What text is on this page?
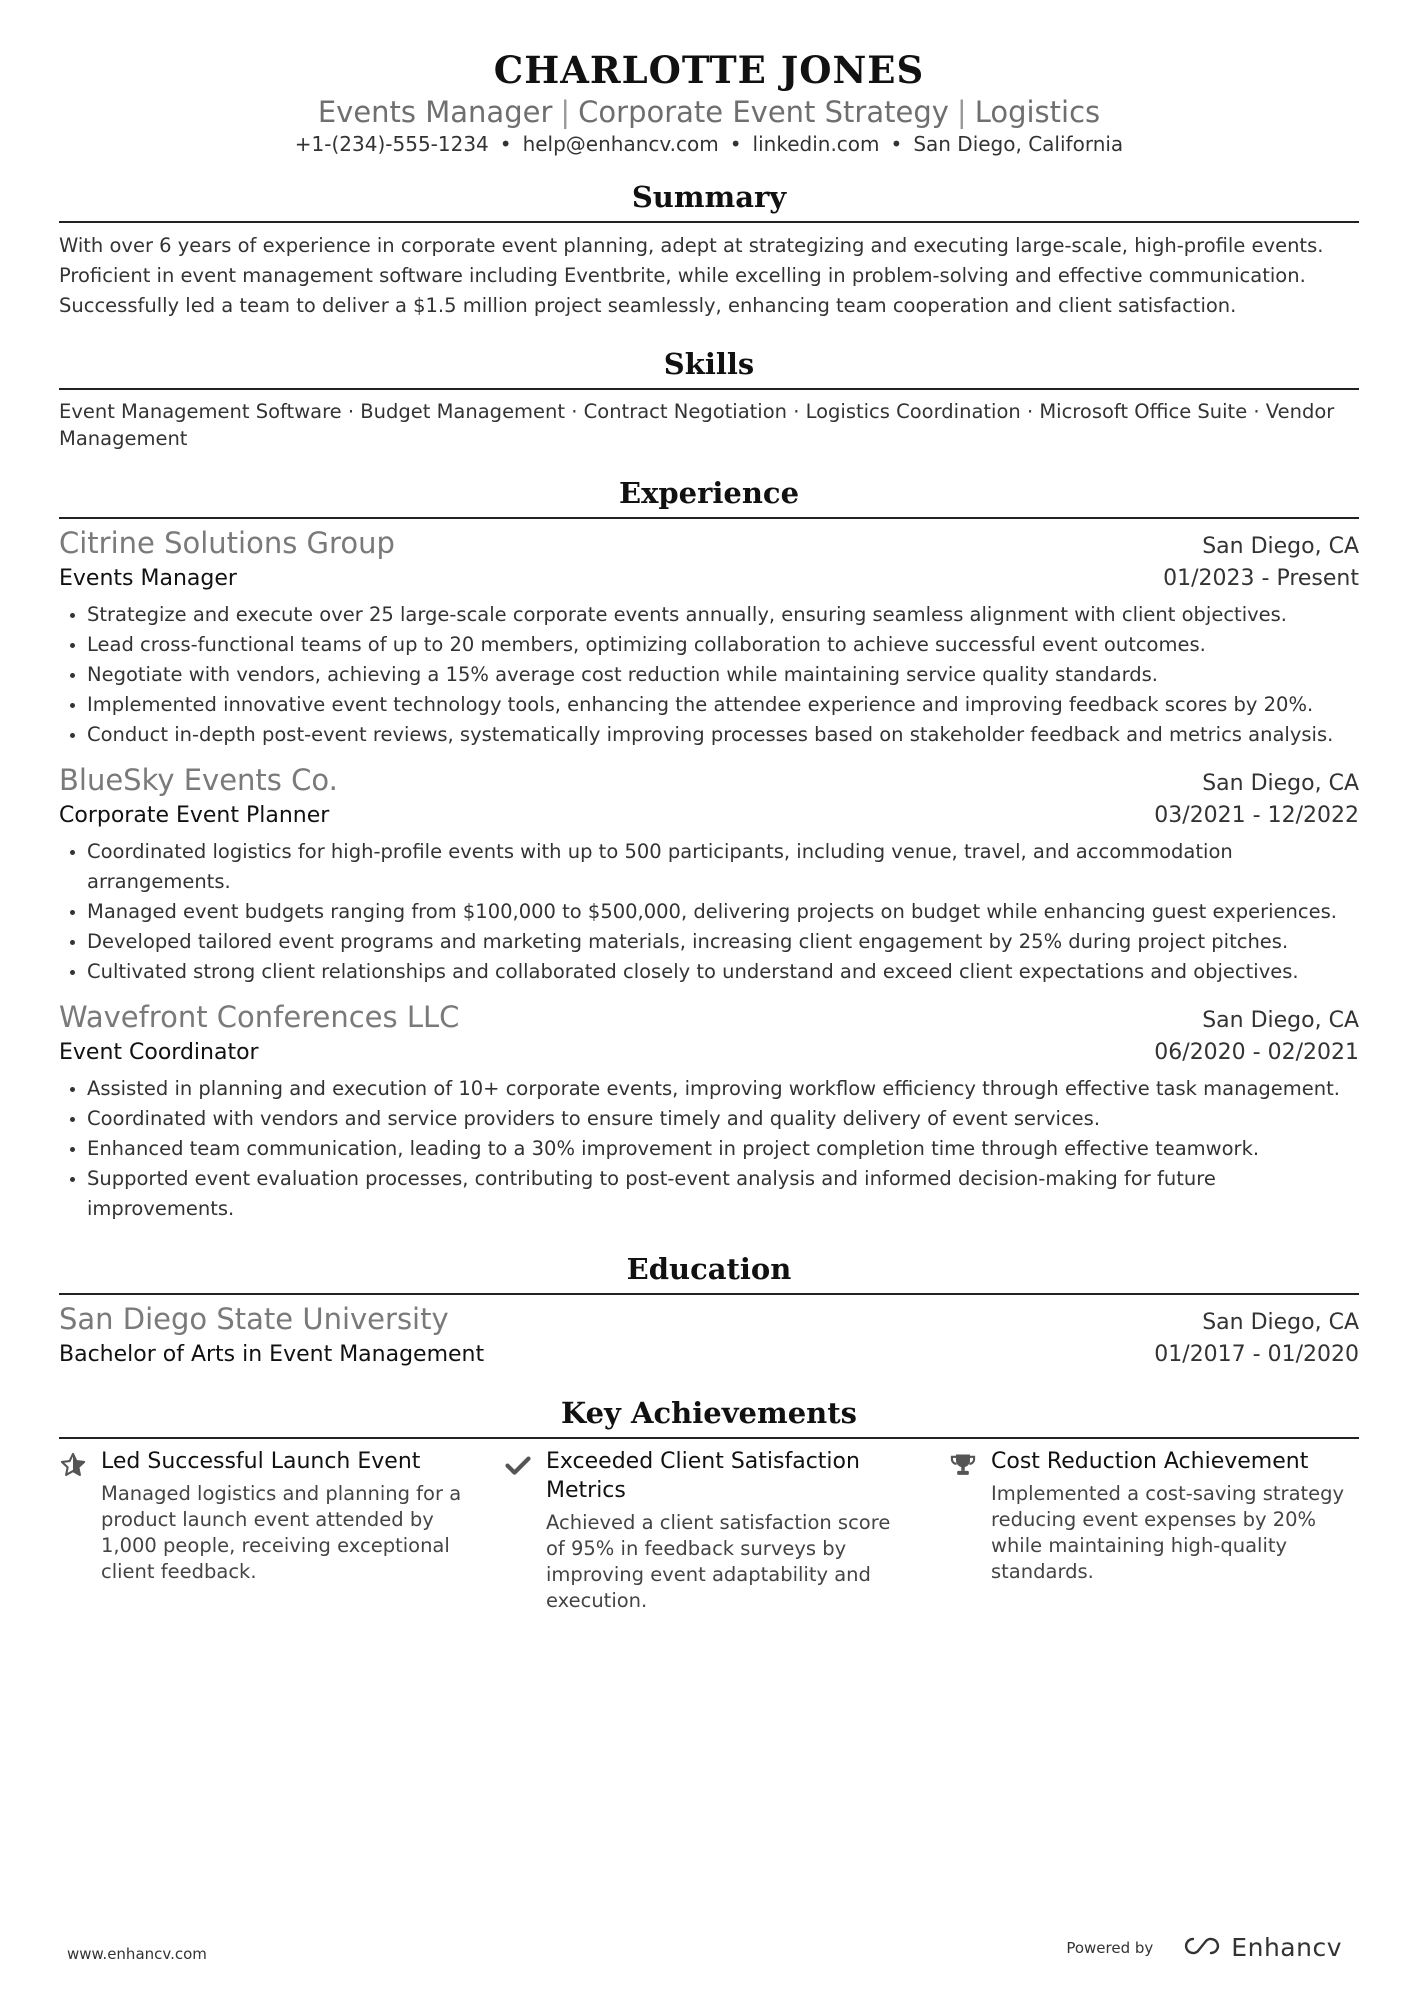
CHARLOTTE JONES
Events Manager | Corporate Event Strategy | Logistics
+1-(234)-555-1234 • help@enhancv.com • linkedin.com • San Diego, California
Summary
With over 6 years of experience in corporate event planning, adept at strategizing and executing large-scale, high-profile events. Proficient in event management software including Eventbrite, while excelling in problem-solving and effective communication. Successfully led a team to deliver a $1.5 million project seamlessly, enhancing team cooperation and client satisfaction.
Skills
Event Management Software · Budget Management · Contract Negotiation · Logistics Coordination · Microsoft Office Suite · Vendor Management
Experience
Citrine Solutions Group	San Diego, CA
Events Manager	01/2023 - Present
• Strategize and execute over 25 large-scale corporate events annually, ensuring seamless alignment with client objectives.
• Lead cross-functional teams of up to 20 members, optimizing collaboration to achieve successful event outcomes.
• Negotiate with vendors, achieving a 15% average cost reduction while maintaining service quality standards.
• Implemented innovative event technology tools, enhancing the attendee experience and improving feedback scores by 20%.
• Conduct in-depth post-event reviews, systematically improving processes based on stakeholder feedback and metrics analysis.
BlueSky Events Co.	San Diego, CA
Corporate Event Planner	03/2021 - 12/2022
• Coordinated logistics for high-profile events with up to 500 participants, including venue, travel, and accommodation arrangements.
• Managed event budgets ranging from $100,000 to $500,000, delivering projects on budget while enhancing guest experiences.
• Developed tailored event programs and marketing materials, increasing client engagement by 25% during project pitches.
• Cultivated strong client relationships and collaborated closely to understand and exceed client expectations and objectives.
Wavefront Conferences LLC	San Diego, CA
Event Coordinator	06/2020 - 02/2021
• Assisted in planning and execution of 10+ corporate events, improving workflow efficiency through effective task management.
• Coordinated with vendors and service providers to ensure timely and quality delivery of event services.
• Enhanced team communication, leading to a 30% improvement in project completion time through effective teamwork.
• Supported event evaluation processes, contributing to post-event analysis and informed decision-making for future improvements.
Education
San Diego State University	San Diego, CA
Bachelor of Arts in Event Management	01/2017 - 01/2020
Key Achievements
Led Successful Launch Event
Managed logistics and planning for a product launch event attended by 1,000 people, receiving exceptional client feedback.
Exceeded Client Satisfaction Metrics
Achieved a client satisfaction score of 95% in feedback surveys by improving event adaptability and execution.
Cost Reduction Achievement
Implemented a cost-saving strategy reducing event expenses by 20% while maintaining high-quality standards.
www.enhancv.com	Powered by	Enhancv
